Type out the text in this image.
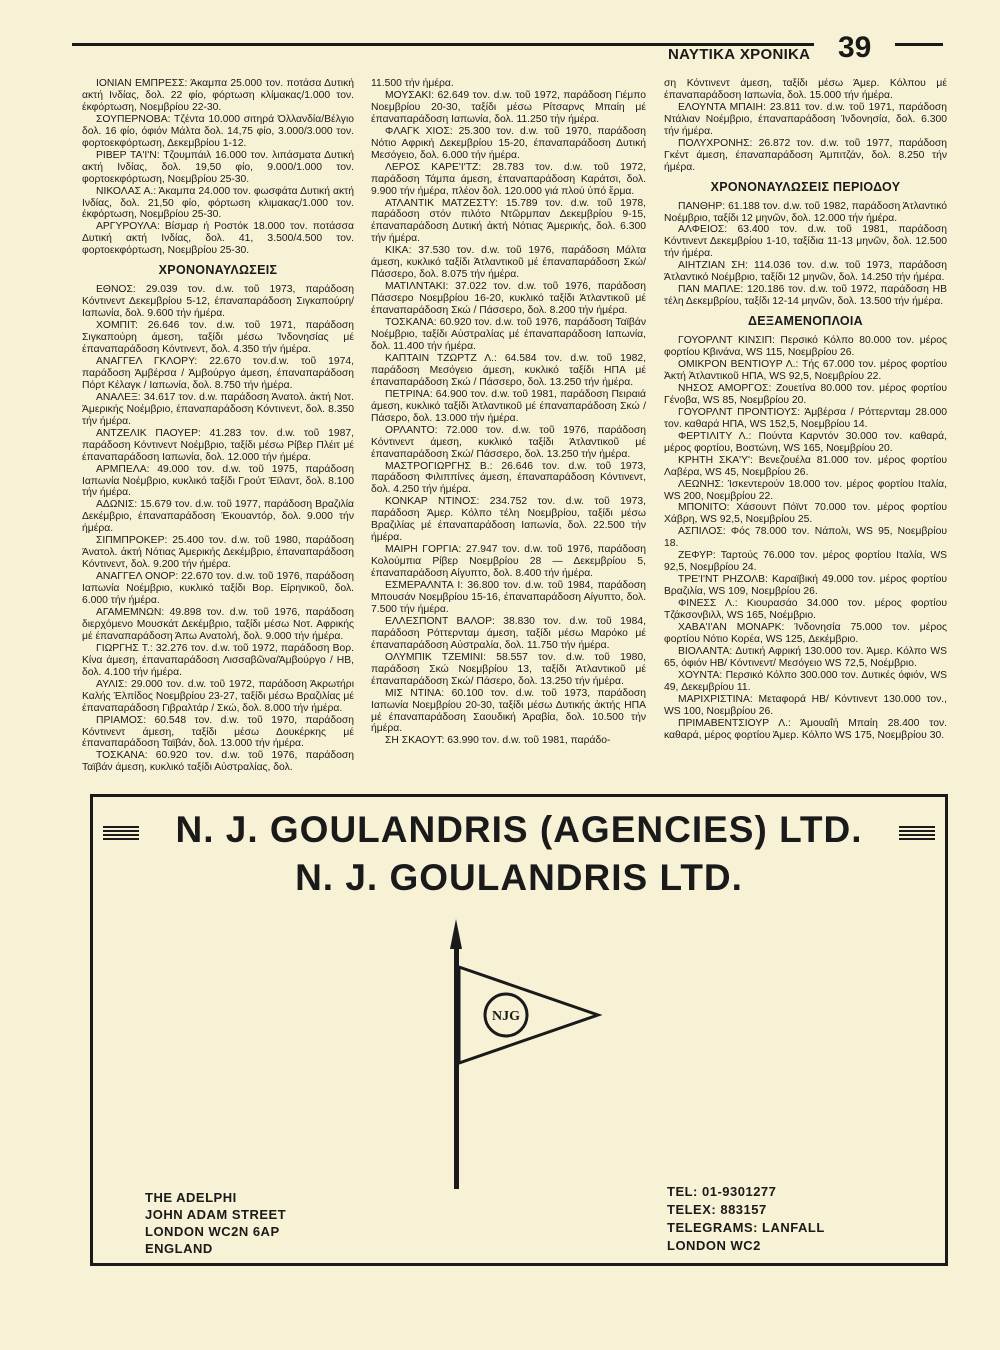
ΝΑΥΤΙΚΑ ΧΡΟΝΙΚΑ 39

ΙΟΝΙΑΝ ΕΜΠΡΕΣΣ: Άκαμπα 25.000 τον. ποτάσα Δυτική ακτή Ινδίας, δολ. 22 φίο, φόρτωση κλίμακας/1.000 τον. έκφόρτωση, Νοεμβρίου 22-30.

ΣΟΥΠΕΡΝΟΒΑ: Τζέντα 10.000 σιτηρά Όλλανδία/Βέλγιο δολ. 16 φίο, όφιόν Μάλτα δολ. 14,75 φίο, 3.000/3.000 τον. φορτοεκφόρτωση, Δεκεμβρίου 1-12.

ΡΙΒΕΡ ΤΑ'Ι'Ν: Τζουμπάιλ 16.000 τον. λιπάσματα Δυτική ακτή Ινδίας, δολ. 19,50 φίο, 9.000/1.000 τον. φορτοεκφόρτωση, Νοεμβρίου 25-30.

ΝΙΚΟΛΑΣ Α.: Άκαμπα 24.000 τον. φωσφάτα Δυτική ακτή Ινδίας, δολ. 21,50 φίο, φόρτωση κλιμακας/1.000 τον. έκφόρτωση, Νοεμβρίου 25-30.

ΑΡΓΥΡΟΥΛΑ: Βίσμαρ ή Ροστόκ 18.000 τον. ποτάσσα Δυτική ακτή Ινδίας, δολ. 41, 3.500/4.500 τον. φορτοεκφόρτωση, Νοεμβρίου 25-30.

ΧΡΟΝΟΝΑΥΛΩΣΕΙΣ

ΕΘΝΟΣ: 29.039 τον. d.w. τοῦ 1973, παράδοση Κόντινεντ Δεκεμβρίου 5-12, έπαναπαράδοση Σιγκαπούρη/Ιαπωνία, δολ. 9.600 τήν ήμέρα.

ΧΟΜΠΙΤ: 26.646 τον. d.w. τοῦ 1971, παράδοση Σιγκαπούρη άμεση, ταξίδι μέσω Ίνδονησίας μέ έπαναπαράδοση Κόντινεντ, δολ. 4.350 τήν ήμέρα.

ΑΝΑΓΓΕΛ ΓΚΛΟΡΥ: 22.670 τον.d.w. τοῦ 1974, παράδοση Άμβέρσα / Άμβούργο άμεση, έπαναπαράδοση Πόρτ Κέλαγκ / Ιαπωνία, δολ. 8.750 τήν ήμέρα.

ΑΝΑΛΕΞ: 34.617 τον. d.w. παράδοση Άνατολ. ἀκτή Νοτ. Άμερικής Νοέμβριο, έπαναπαράδοση Κόντινεντ, δολ. 8.350 τήν ήμέρα.

ΑΝΤΖΕΛΙΚ ΠΑΟΥΕΡ: 41.283 τον. d.w. τοῦ 1987, παράδοση Κόντινεντ Νοέμβριο, ταξίδι μέσω Ρίβερ Πλέιτ μέ έπαναπαράδοση Ιαπωνία, δολ. 12.000 τήν ήμέρα.

ΑΡΜΠΕΛΑ: 49.000 τον. d.w. τοῦ 1975, παράδοση Ιαπωνία Νοέμβριο, κυκλικό ταξίδι Γρούτ Έϊλαντ, δολ. 8.100 τήν ήμέρα.

ΑΔΩΝΙΣ: 15.679 τον. d.w. τοῦ 1977, παράδοση Βραζιλία Δεκέμβριο, έπαναπαράδοση Έκουαντόρ, δολ. 9.000 τήν ήμέρα.

ΣΙΠΜΠΡΟΚΕΡ: 25.400 τον. d.w. τοῦ 1980, παράδοση Άνατολ. ἀκτή Νότιας Άμερικής Δεκέμβριο, έπαναπαράδοση Κόντινεντ, δολ. 9.200 τήν ήμέρα.

ΑΝΑΓΓΕΛ ΟΝΟΡ: 22.670 τον. d.w. τοῦ 1976, παράδοση Ιαπωνία Νοέμβριο, κυκλικό ταξίδι Βορ. Είρηνικοῦ, δολ. 6.000 τήν ήμέρα.

ΑΓΑΜΕΜΝΩΝ: 49.898 τον. d.w. τοῦ 1976, παράδοση διερχόμενο Μουσκάτ Δεκέμβριο, ταξίδι μέσω Νοτ. Αφρικής μέ έπαναπαράδοση Άπω Ανατολή, δολ. 9.000 τήν ήμέρα.

ΓΙΩΡΓΗΣ Τ.: 32.276 τον. d.w. τοῦ 1972, παράδοση Βορ. Κίνα άμεση, έπαναπαράδοση Λισσαβῶνα/Άμβούργο / ΗΒ, δολ. 4.100 τήν ήμέρα.

ΑΥΛΙΣ: 29.000 τον. d.w. τοῦ 1972, παράδοση Άκρωτήρι Καλής Έλπίδος Νοεμβρίου 23-27, ταξίδι μέσω Βραζιλίας μέ έπαναπαράδοση Γιβραλτάρ / Σκώ, δολ. 8.000 τήν ήμέρα.

ΠΡΙΑΜΟΣ: 60.548 τον. d.w. τοῦ 1970, παράδοση Κόντινεντ άμεση, ταξίδι μέσω Δουκέρκης μέ έπαναπαράδοση Ταϊβάν, δολ. 13.000 τήν ήμέρα.

ΤΟΣΚΑΝΑ: 60.920 τον. d.w. τοῦ 1976, παράδοση Ταϊβάν άμεση, κυκλικό ταξίδι Αὐστραλίας, δολ.

11.500 τήν ήμέρα.

ΜΟΥΣΑΚΙ: 62.649 τον. d.w. τοῦ 1972, παράδοση Γιέμπο Νοεμβρίου 20-30, ταξίδι μέσω Ρίτσαρνς Μπαίη μέ έπαναπαράδοση Ιαπωνία, δολ. 11.250 τήν ήμέρα.

ΦΛΑΓΚ ΧΙΟΣ: 25.300 τον. d.w. τοῦ 1970, παράδοση Νότιο Αφρική Δεκεμβρίου 15-20, έπαναπαράδοση Δυτική Μεσόγειο, δολ. 6.000 τήν ήμέρα.

ΛΕΡΟΣ ΚΑΡΕ'Ι'ΤΖ: 28.783 τον. d.w. τοῦ 1972, παράδοση Τάμπα άμεση, έπαναπαράδοση Καράτσι, δολ. 9.900 τήν ήμέρα, πλέον δολ. 120.000 γιά πλού ὑπό ἔρμα.

ΑΤΛΑΝΤΙΚ ΜΑΤΖΕΣΤΥ: 15.789 τον. d.w. τοῦ 1978, παράδοση στόν πιλότο Ντῶρμπαν Δεκεμβρίου 9-15, έπαναπαράδοση Δυτική ἀκτή Νότιας Άμερικής, δολ. 6.300 τήν ήμέρα.

ΚΙΚΑ: 37.530 τον. d.w. τοῦ 1976, παράδοση Μάλτα άμεση, κυκλικό ταξίδι Ἀτλαντικοῦ μέ έπαναπαράδοση Σκώ/Πάσσερο, δολ. 8.075 τήν ήμέρα.

ΜΑΤΙΛΝΤΑΚΙ: 37.022 τον. d.w. τοῦ 1976, παράδοση Πάσσερο Νοεμβρίου 16-20, κυκλικό ταξίδι Άτλαντικοῦ μέ έπαναπαράδοση Σκώ / Πάσσερο, δολ. 8.200 τήν ήμέρα.

ΤΟΣΚΑΝΑ: 60.920 τον. d.w. τοῦ 1976, παράδοση Ταϊβάν Νοέμβριο, ταξίδι Αὐστραλίας μέ έπαναπαράδοση Ιαπωνία, δολ. 11.400 τήν ήμέρα.

ΚΑΠΤΑΙΝ ΤΖΩΡΤΖ Λ.: 64.584 τον. d.w. τοῦ 1982, παράδοση Μεσόγειο άμεση, κυκλικό ταξίδι ΗΠΑ μέ έπαναπαράδοση Σκώ / Πάσσερο, δολ. 13.250 τήν ήμέρα.

ΠΕΤΡΙΝΑ: 64.900 τον. d.w. τοῦ 1981, παράδοση Πειραιά άμεση, κυκλικό ταξίδι Ἀτλαντικοῦ μέ έπαναπαράδοση Σκώ / Πάσερο, δολ. 13.000 τήν ήμέρα.

ΟΡΛΑΝΤΟ: 72.000 τον. d.w. τοῦ 1976, παράδοση Κόντινεντ άμεση, κυκλικό ταξίδι Άτλαντικοῦ μέ έπαναπαράδοση Σκώ/ Πάσσερο, δολ. 13.250 τήν ήμέρα.

ΜΑΣΤΡΟΓΙΩΡΓΗΣ Β.: 26.646 τον. d.w. τοῦ 1973, παράδοση Φιλιππίνες άμεση, έπαναπαράδοση Κόντινεντ, δολ. 4.250 τήν ήμέρα.

ΚΟΝΚΑΡ ΝΤΙΝΟΣ: 234.752 τον. d.w. τοῦ 1973, παράδοση Άμερ. Κόλπο τέλη Νοεμβρίου, ταξίδι μέσω Βραζιλίας μέ έπαναπαράδοση Ιαπωνία, δολ. 22.500 τήν ήμέρα.

ΜΑΙΡΗ ΓΟΡΓΙΑ: 27.947 τον. d.w. τοῦ 1976, παράδοση Κολούμπια Ρίβερ Νοεμβρίου 28 — Δεκεμβρίου 5, έπαναπαράδοση Αίγυπτο, δολ. 8.400 τήν ήμέρα.

ΕΣΜΕΡΑΛΝΤΑ Ι: 36.800 τον. d.w. τοῦ 1984, παράδοση Μπουσάν Νοεμβρίου 15-16, έπαναπαράδοση Αίγυπτο, δολ. 7.500 τήν ήμέρα.

ΕΛΛΕΣΠΟΝΤ ΒΑΛΟΡ: 38.830 τον. d.w. τοῦ 1984, παράδοση Ρόττερνταμ άμεση, ταξίδι μέσω Μαρόκο μέ έπαναπαράδοση Αὐστραλία, δολ. 11.750 τήν ήμέρα.

ΟΛΥΜΠΙΚ ΤΖΕΜΙΝΙ: 58.557 τον. d.w. τοῦ 1980, παράδοση Σκώ Νοεμβρίου 13, ταξίδι Άτλαντικοῦ μέ έπαναπαράδοση Σκώ/ Πάσερο, δολ. 13.250 τήν ήμέρα.

ΜΙΣ ΝΤΙΝΑ: 60.100 τον. d.w. τοῦ 1973, παράδοση Ιαπωνία Νοεμβρίου 20-30, ταξίδι μέσω Δυτικής ἀκτής ΗΠΑ μέ έπαναπαράδοση Σαουδική Άραβία, δολ. 10.500 τήν ήμέρα.

ΣΗ ΣΚΑΟΥΤ: 63.990 τον. d.w. τοῦ 1981, παράδο-

ση Κόντινεντ άμεση, ταξίδι μέσω Άμερ. Κόλπου μέ έπαναπαράδοση Ιαπωνία, δολ. 15.000 τήν ήμέρα.

ΕΛΟΥΝΤΑ ΜΠΑΙΗ: 23.811 τον. d.w. τοῦ 1971, παράδοση Ντάλιαν Νοέμβριο, έπαναπαράδοση Ίνδονησία, δολ. 6.300 τήν ήμέρα.

ΠΟΛΥΧΡΟΝΗΣ: 26.872 τον. d.w. τοῦ 1977, παράδοση Γκέντ άμεση, έπαναπαράδοση Άμπιτζάν, δολ. 8.250 τήν ήμέρα.

ΧΡΟΝΟΝΑΥΛΩΣΕΙΣ ΠΕΡΙΟΔΟΥ

ΠΑΝΘΗΡ: 61.188 τον. d.w. τοῦ 1982, παράδοση Άτλαντικό Νοέμβριο, ταξίδι 12 μηνῶν, δολ. 12.000 τήν ήμέρα.

ΑΛΦΕΙΟΣ: 63.400 τον. d.w. τοῦ 1981, παράδοση Κόντινεντ Δεκεμβρίου 1-10, ταξίδια 11-13 μηνῶν, δολ. 12.500 τήν ήμέρα.

ΑΙΗΤΖΙΑΝ ΣΗ: 114.036 τον. d.w. τοῦ 1973, παράδοση Άτλαντικό Νοέμβριο, ταξίδι 12 μηνῶν, δολ. 14.250 τήν ήμέρα.

ΠΑΝ ΜΑΠΛΕ: 120.186 τον. d.w. τοῦ 1972, παράδοση ΗΒ τέλη Δεκεμβρίου, ταξίδι 12-14 μηνῶν, δολ. 13.500 τήν ήμέρα.

ΔΕΞΑΜΕΝΟΠΛΟΙΑ

ΓΟΥΟΡΛΝΤ ΚΙΝΣΙΠ: Περσικό Κόλπο 80.000 τον. μέρος φορτίου Κβινάνα, WS 115, Νοεμβρίου 26.

ΟΜΙΚΡΟΝ ΒΕΝΤΙΟΥΡ Λ.: Τής 67.000 τον. μέρος φορτίου Ἀκτή Ἀτλαντικοῦ ΗΠΑ, WS 92,5, Νοεμβρίου 22.

ΝΗΣΟΣ ΑΜΟΡΓΟΣ: Ζουετίνα 80.000 τον. μέρος φορτίου Γένοβα, WS 85, Νοεμβρίου 20.

ΓΟΥΟΡΛΝΤ ΠΡΟΝΤΙΟΥΣ: Άμβέρσα / Ρόττερνταμ 28.000 τον. καθαρά ΗΠΑ, WS 152,5, Νοεμβρίου 14.

ΦΕΡΤΙΛΙΤΥ Λ.: Πούντα Καρντόν 30.000 τον. καθαρά, μέρος φορτίου, Βοστώνη, WS 165, Νοεμβρίου 20.

ΚΡΗΤΗ ΣΚΑ'Υ': Βενεζουέλα 81.000 τον. μέρος φορτίου Λαβέρα, WS 45, Νοεμβρίου 26.

ΛΕΩΝΗΣ: Ίσκεντερούν 18.000 τον. μέρος φορτίου Ιταλία, WS 200, Νοεμβρίου 22.

ΜΠΟΝΙΤΟ: Χάσουντ Πόϊντ 70.000 τον. μέρος φορτίου Χάβρη, WS 92,5, Νοεμβρίου 25.

ΑΣΠΙΛΟΣ: Φός 78.000 τον. Νάπολι, WS 95, Νοεμβρίου 18.

ΖΕΦΥΡ: Ταρτούς 76.000 τον. μέρος φορτίου Ιταλία, WS 92,5, Νοεμβρίου 24.

ΤΡΕ'Ι'ΝΤ ΡΗΖΟΛΒ: Καραϊβική 49.000 τον. μέρος φορτίου Βραζιλία, WS 109, Νοεμβρίου 26.

ΦΙΝΕΣΣ Λ.: Κιουρασάο 34.000 τον. μέρος φορτίου Τζάκσονβιλλ, WS 165, Νοέμβριο.

ΧΑΒΑ'Ι'ΑΝ ΜΟΝΑΡΚ: Ίνδονησία 75.000 τον. μέρος φορτίου Νότιο Κορέα, WS 125, Δεκέμβριο.

ΒΙΟΛΑΝΤΑ: Δυτική Αφρική 130.000 τον. Άμερ. Κόλπο WS 65, όφιόν ΗΒ/ Κόντινεντ/ Μεσόγειο WS 72,5, Νοέμβριο.

ΧΟΥΝΤΑ: Περσικό Κόλπο 300.000 τον. Δυτικές όφιόν, WS 49, Δεκεμβρίου 11.

ΜΑΡΙΧΡΙΣΤΙΝΑ: Μεταφορά ΗΒ/ Κόντινεντ 130.000 τον., WS 100, Νοεμβρίου 26.

ΠΡΙΜΑΒΕΝΤΣΙΟΥΡ Λ.: Άμουαΐή Μπαίη 28.400 τον. καθαρά, μέρος φορτίου Άμερ. Κόλπο WS 175, Νοεμβρίου 30.

N. J. GOULANDRIS (AGENCIES) LTD.
N. J. GOULANDRIS LTD.
NJG
THE ADELPHI
JOHN ADAM STREET
LONDON WC2N 6AP
ENGLAND
TEL: 01-9301277
TELEX: 883157
TELEGRAMS: LANFALL
LONDON WC2
